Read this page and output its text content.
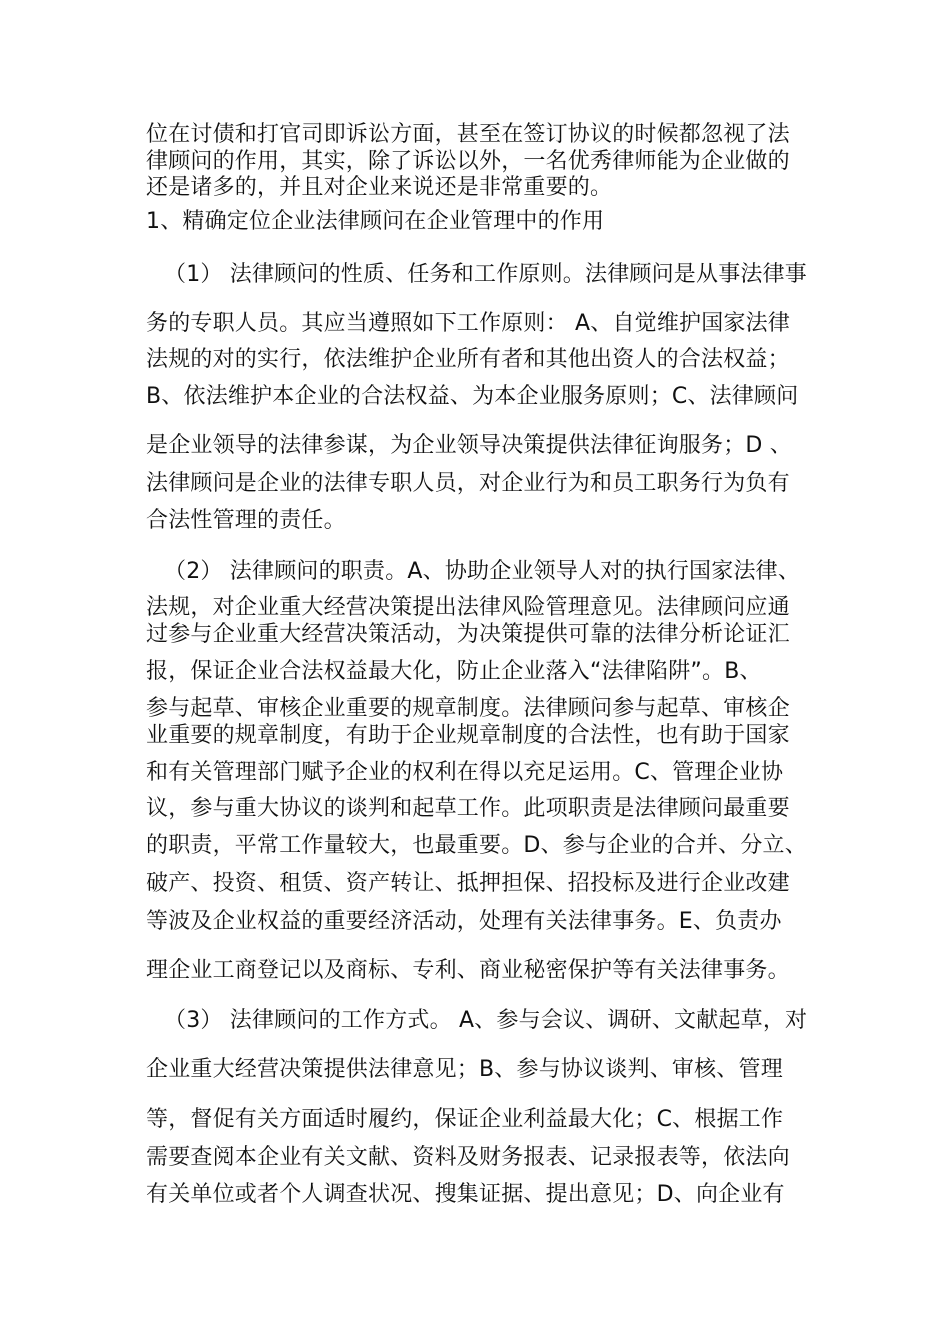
位在讨债和打官司即诉讼方面，甚至在签订协议的时候都忽视了法
律顾问的作用，其实，除了诉讼以外，一名优秀律师能为企业做的
还是诸多的，并且对企业来说还是非常重要的。
1、精确定位企业法律顾问在企业管理中的作用
（1） 法律顾问的性质、任务和工作原则。法律顾问是从事法律事
务的专职人员。其应当遵照如下工作原则： A、自觉维护国家法律
法规的对的实行，依法维护企业所有者和其他出资人的合法权益；
B、依法维护本企业的合法权益、为本企业服务原则；C、法律顾问
是企业领导的法律参谋，为企业领导决策提供法律征询服务；D 、
法律顾问是企业的法律专职人员，对企业行为和员工职务行为负有
合法性管理的责任。
（2） 法律顾问的职责。A、协助企业领导人对的执行国家法律、
法规，对企业重大经营决策提出法律风险管理意见。法律顾问应通
过参与企业重大经营决策活动，为决策提供可靠的法律分析论证汇
报，保证企业合法权益最大化，防止企业落入“法律陷阱”。B、
参与起草、审核企业重要的规章制度。法律顾问参与起草、审核企
业重要的规章制度，有助于企业规章制度的合法性，也有助于国家
和有关管理部门赋予企业的权利在得以充足运用。C、管理企业协
议，参与重大协议的谈判和起草工作。此项职责是法律顾问最重要
的职责，平常工作量较大，也最重要。D、参与企业的合并、分立、
破产、投资、租赁、资产转让、抵押担保、招投标及进行企业改建
等波及企业权益的重要经济活动，处理有关法律事务。E、负责办
理企业工商登记以及商标、专利、商业秘密保护等有关法律事务。
（3） 法律顾问的工作方式。 A、参与会议、调研、文献起草，对
企业重大经营决策提供法律意见；B、参与协议谈判、审核、管理
等，督促有关方面适时履约，保证企业利益最大化；C、根据工作
需要查阅本企业有关文献、资料及财务报表、记录报表等，依法向
有关单位或者个人调查状况、搜集证据、提出意见；D、向企业有
